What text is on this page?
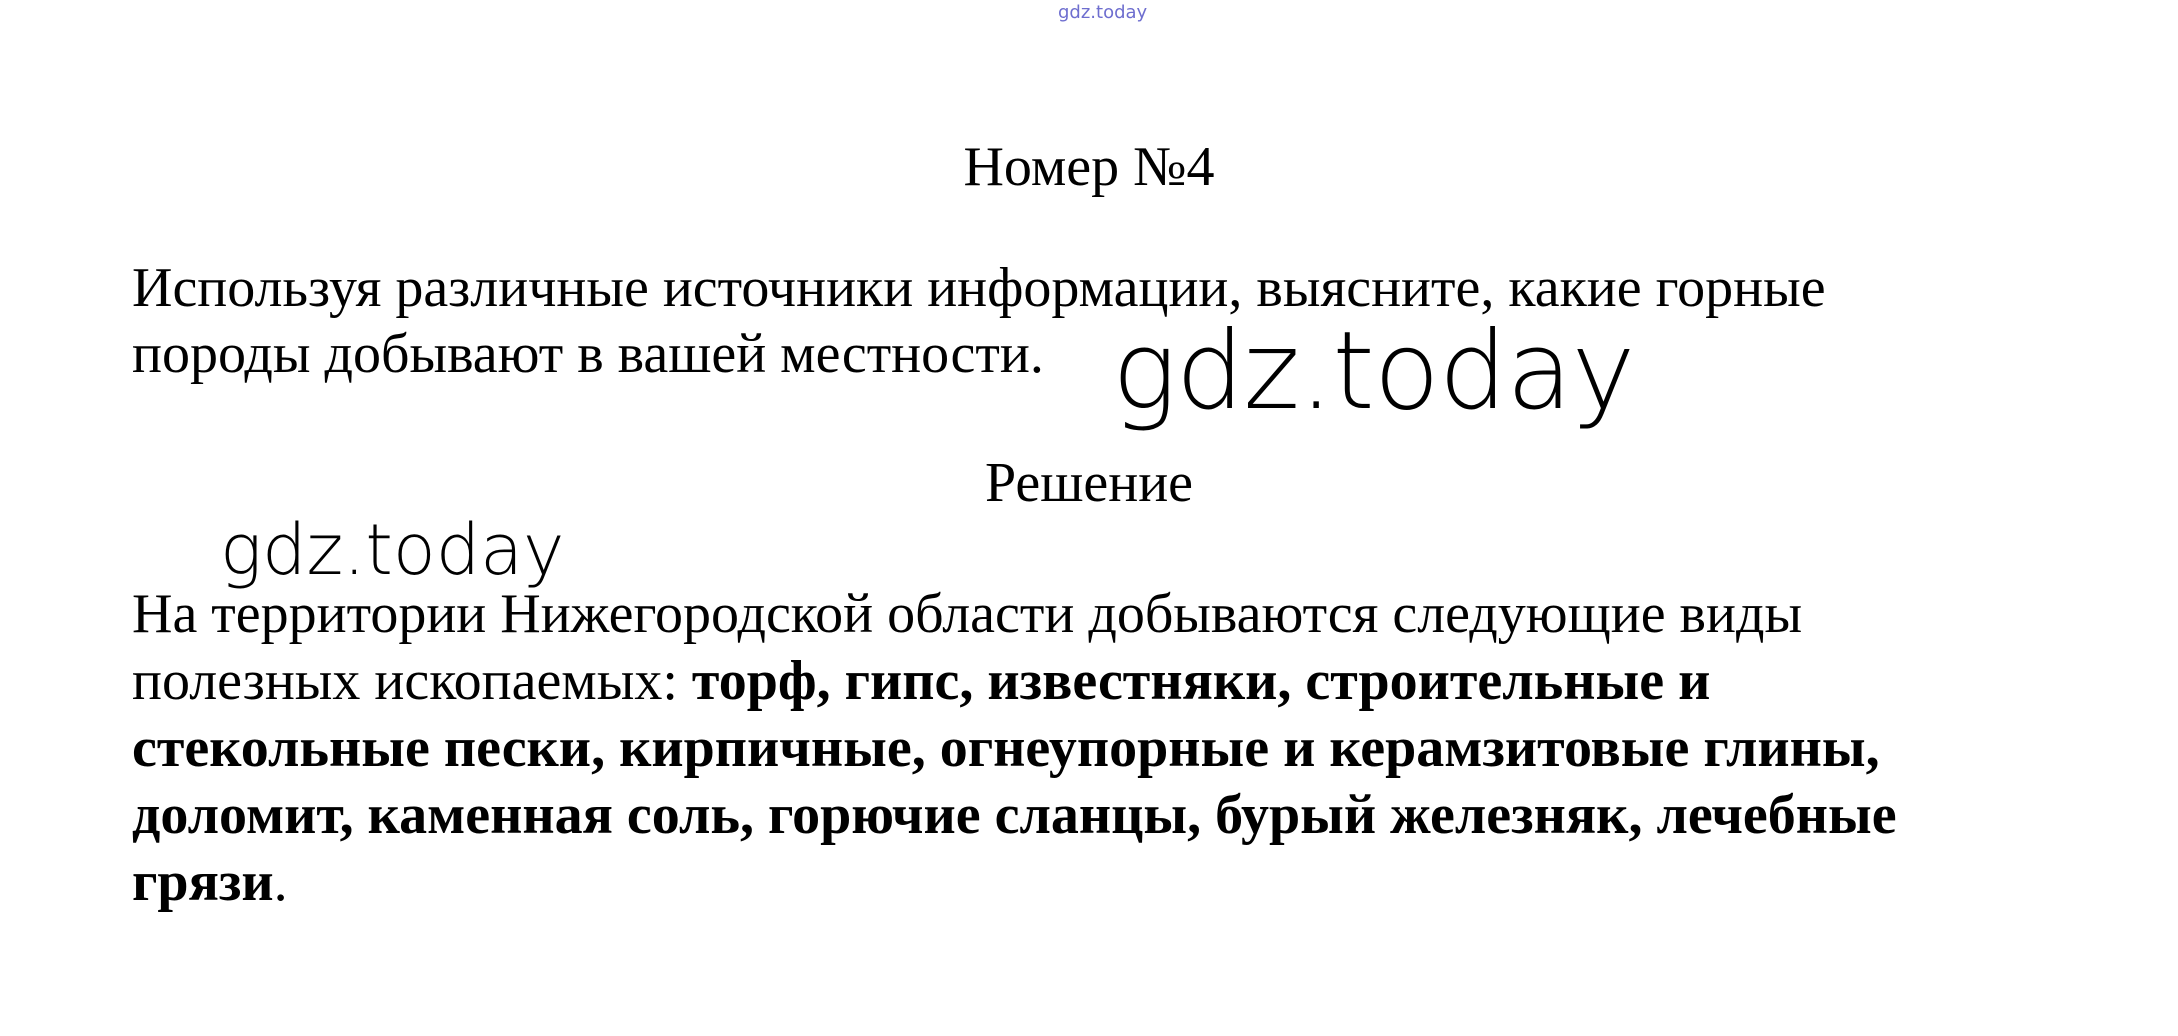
gdz.today
Номер №4
Используя различные источники информации, выясните, какие горные
породы добывают в вашей местности. gdz.today
Решение
gdz.today
На территории Нижегородской области добываются следующие виды
полезных ископаемых: торф, гипс, известняки, строительные и
стекольные пески, кирпичные, огнеупорные и керамзитовые глины,
доломит, каменная соль, горючие сланцы, бурый железняк, лечебные
грязи.
